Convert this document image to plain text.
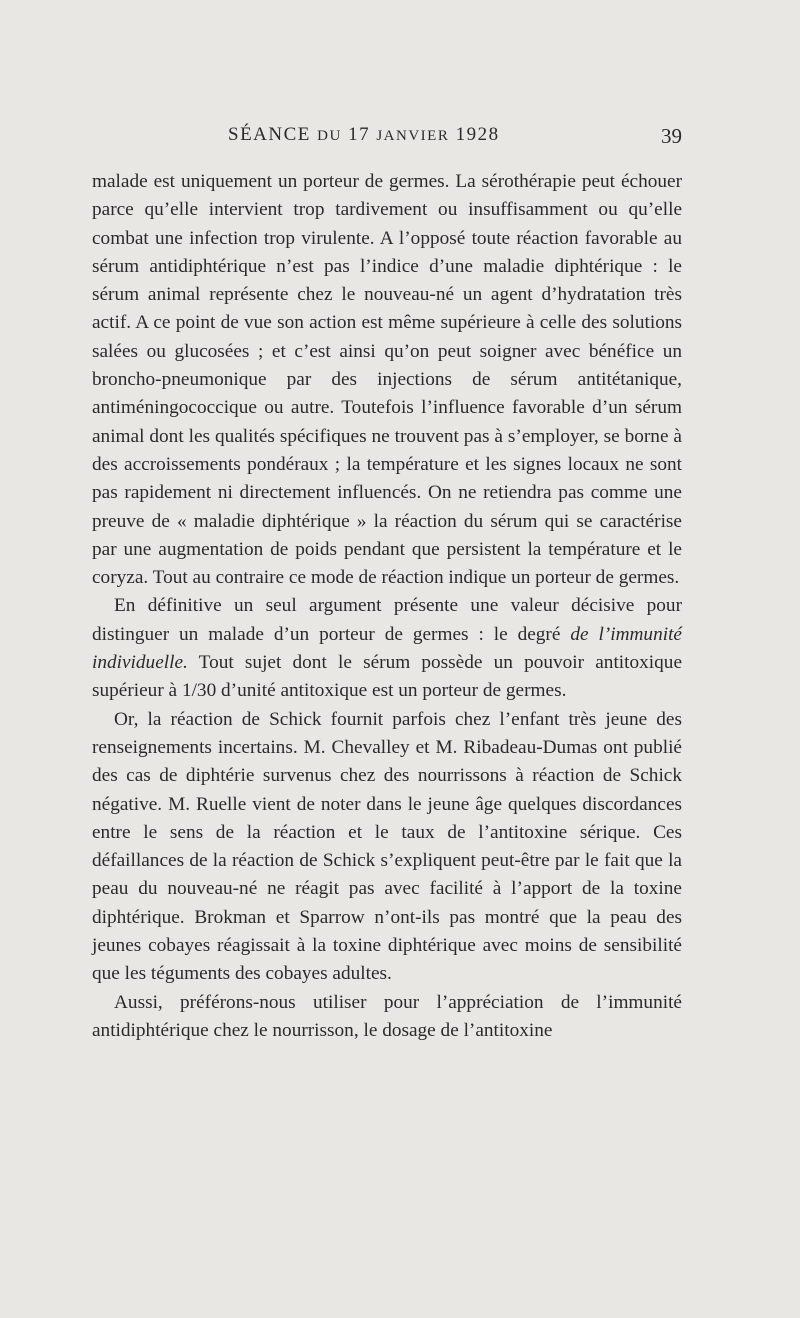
SÉANCE DU 17 JANVIER 1928	39

malade est uniquement un porteur de germes. La sérothérapie peut échouer parce qu’elle intervient trop tardivement ou insuffisamment ou qu’elle combat une infection trop virulente. A l’opposé toute réaction favorable au sérum antidiphtérique n’est pas l’indice d’une maladie diphtérique : le sérum animal représente chez le nouveau-né un agent d’hydratation très actif. A ce point de vue son action est même supérieure à celle des solutions salées ou glucosées ; et c’est ainsi qu’on peut soigner avec bénéfice un broncho-pneumonique par des injections de sérum antitétanique, antiméningococcique ou autre. Toutefois l’influence favorable d’un sérum animal dont les qualités spécifiques ne trouvent pas à s’employer, se borne à des accroissements pondéraux ; la température et les signes locaux ne sont pas rapidement ni directement influencés. On ne retiendra pas comme une preuve de « maladie diphtérique » la réaction du sérum qui se caractérise par une augmentation de poids pendant que persistent la température et le coryza. Tout au contraire ce mode de réaction indique un porteur de germes.

En définitive un seul argument présente une valeur décisive pour distinguer un malade d’un porteur de germes : le degré de l’immunité individuelle. Tout sujet dont le sérum possède un pouvoir antitoxique supérieur à 1/30 d’unité antitoxique est un porteur de germes.

Or, la réaction de Schick fournit parfois chez l’enfant très jeune des renseignements incertains. M. Chevalley et M. Ribadeau-Dumas ont publié des cas de diphtérie survenus chez des nourrissons à réaction de Schick négative. M. Ruelle vient de noter dans le jeune âge quelques discordances entre le sens de la réaction et le taux de l’antitoxine sérique. Ces défaillances de la réaction de Schick s’expliquent peut-être par le fait que la peau du nouveau-né ne réagit pas avec facilité à l’apport de la toxine diphtérique. Brokman et Sparrow n’ont-ils pas montré que la peau des jeunes cobayes réagissait à la toxine diphtérique avec moins de sensibilité que les téguments des cobayes adultes.

Aussi, préférons-nous utiliser pour l’appréciation de l’immunité antidiphtérique chez le nourrisson, le dosage de l’antitoxine
